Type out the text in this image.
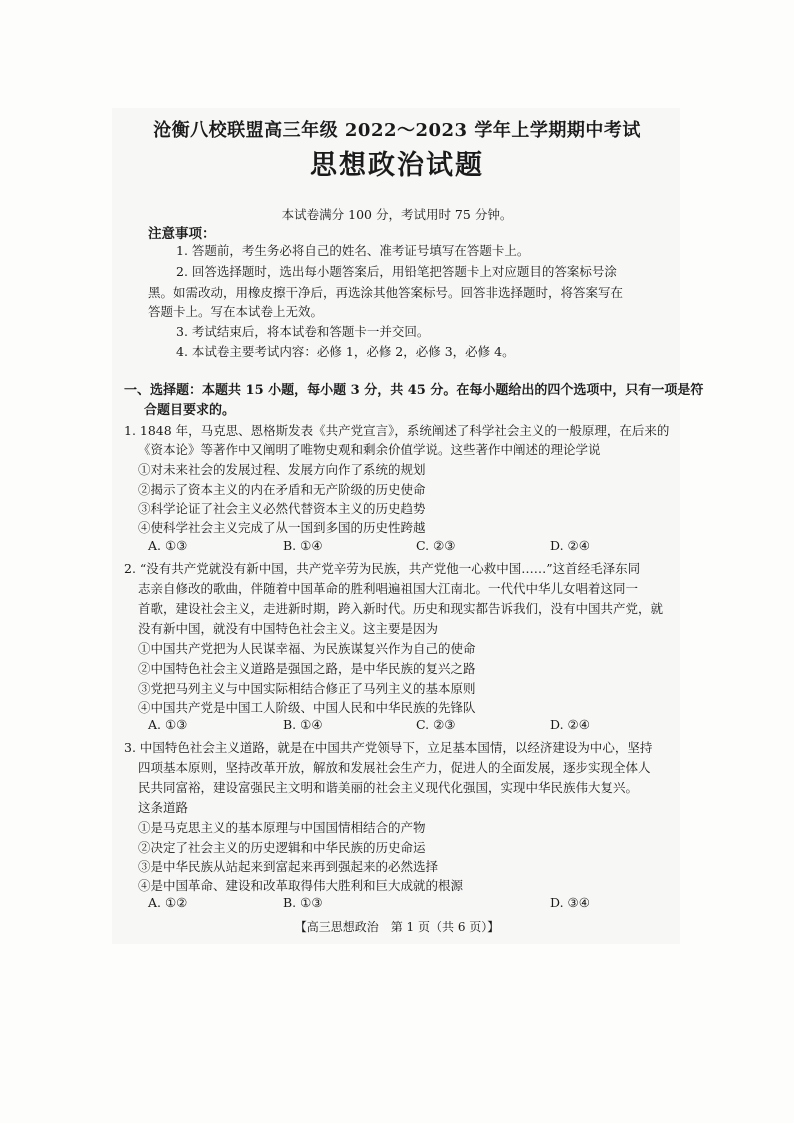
沧衡八校联盟高三年级 2022～2023 学年上学期期中考试
思想政治试题
本试卷满分 100 分，考试用时 75 分钟。
注意事项：
1. 答题前，考生务必将自己的姓名、准考证号填写在答题卡上。
2. 回答选择题时，选出每小题答案后，用铅笔把答题卡上对应题目的答案标号涂
黑。如需改动，用橡皮擦干净后，再选涂其他答案标号。回答非选择题时，将答案写在
答题卡上。写在本试卷上无效。
3. 考试结束后，将本试卷和答题卡一并交回。
4. 本试卷主要考试内容：必修 1，必修 2，必修 3，必修 4。
一、选择题：本题共 15 小题，每小题 3 分，共 45 分。在每小题给出的四个选项中，只有一项是符
合题目要求的。
1. 1848 年，马克思、恩格斯发表《共产党宣言》，系统阐述了科学社会主义的一般原理，在后来的
《资本论》等著作中又阐明了唯物史观和剩余价值学说。这些著作中阐述的理论学说
①对未来社会的发展过程、发展方向作了系统的规划
②揭示了资本主义的内在矛盾和无产阶级的历史使命
③科学论证了社会主义必然代替资本主义的历史趋势
④使科学社会主义完成了从一国到多国的历史性跨越
A. ①③	B. ①④	C. ②③	D. ②④
2. “没有共产党就没有新中国，共产党辛劳为民族，共产党他一心救中国……”这首经毛泽东同
志亲自修改的歌曲，伴随着中国革命的胜利唱遍祖国大江南北。一代代中华儿女唱着这同一
首歌，建设社会主义，走进新时期，跨入新时代。历史和现实都告诉我们，没有中国共产党，就
没有新中国，就没有中国特色社会主义。这主要是因为
①中国共产党把为人民谋幸福、为民族谋复兴作为自己的使命
②中国特色社会主义道路是强国之路，是中华民族的复兴之路
③党把马列主义与中国实际相结合修正了马列主义的基本原则
④中国共产党是中国工人阶级、中国人民和中华民族的先锋队
A. ①③	B. ①④	C. ②③	D. ②④
3. 中国特色社会主义道路，就是在中国共产党领导下，立足基本国情，以经济建设为中心，坚持
四项基本原则，坚持改革开放，解放和发展社会生产力，促进人的全面发展，逐步实现全体人
民共同富裕，建设富强民主文明和谐美丽的社会主义现代化强国，实现中华民族伟大复兴。
这条道路
①是马克思主义的基本原理与中国国情相结合的产物
②决定了社会主义的历史逻辑和中华民族的历史命运
③是中华民族从站起来到富起来再到强起来的必然选择
④是中国革命、建设和改革取得伟大胜利和巨大成就的根源
A. ①②	B. ①③	D. ③④
【高三思想政治　第 1 页（共 6 页）】
